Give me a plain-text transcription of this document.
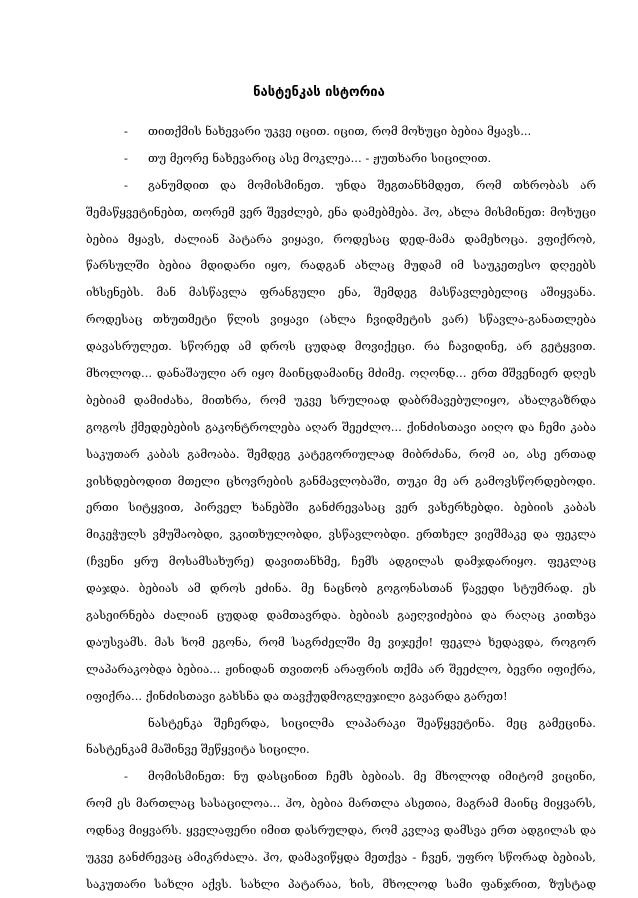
ნასტენკას ისტორია
- თითქმის ნახევარი უკვე იცით. იცით, რომ მოხუცი ბებია მყავს...
- თუ მეორე ნახევარიც ასე მოკლეა... - ჟუთხარი სიცილით.
- განუმდით და მომისმინეთ. უნდა შეგთანხმდეთ, რომ თხრობას არ
შემაწყვეტინებთ, თორემ ვერ შევძლებ, ენა დამებმება. ჰო, ახლა მისმინეთ: მოხუცი
ბებია მყავს, ძალიან პატარა ვიყავი, როდესაც დედ-მამა დამეხოცა. ვფიქრობ,
წარსულში ბებია მდიდარი იყო, რადგან ახლაც მუდამ იმ საუკეთესო დღეებს
იხსენებს. მან მასწავლა ფრანგული ენა, შემდეგ მასწავლებელიც აშიყვანა.
როდესაც თხუთმეტი წლის ვიყავი (ახლა ჩვიდმეტის ვარ) სწავლა-განათლება
დავასრულეთ. სწორედ ამ დროს ცუდად მოვიქეცი. რა ჩავიდინე, არ გეტყვით.
მხოლოდ... დანაშაული არ იყო მაინცდამაინც მძიმე. ოღონდ... ერთ მშვენიერ დღეს
ბებიამ დამიძახა, მითხრა, რომ უკვე სრულიად დაბრმავებულიყო, ახალგაზრდა
გოგოს ქმედებების გაკონტროლება აღარ შეეძლო... ქინძისთავი აიღო და ჩემი კაბა
საკუთარ კაბას გამოაბა. შემდეგ კატეგორიულად მიბრძანა, რომ აი, ასე ერთად
ვისხდებოდით მთელი ცხოვრების განმავლობაში, თუკი მე არ გამოვსწორდებოდი.
ერთი სიტყვით, პირველ ხანებში განძრევასაც ვერ ვახერხებდი. ბებიის კაბას
მიკეჭულს ვმუშაობდი, ვკითხულობდი, ვსწავლობდი. ერთხელ ვიეშმაკე და ფეკლა
(ჩვენი ყრუ მოსამსახურე) დავითანხმე, ჩემს ადგილას დამჯდარიყო. ფეკლაც
დაჯდა. ბებიას ამ დროს ეძინა. მე ნაცნობ გოგონასთან წავედი სტუმრად. ეს
გასეირნება ძალიან ცუდად დამთავრდა. ბებიას გაეღვიძებია და რაღაც კითხვა
დაუსვამს. მას ხომ ეგონა, რომ საგრძელში მე ვიჯექი! ფეკლა ხედავდა, როგორ
ლაპარაკობდა ბებია... ჟინიდან თვითონ არაფრის თქმა არ შეეძლო, ბევრი იფიქრა,
იფიქრა... ქინძისთავი გახსნა და თავქუდმოგლეჯილი გავარდა გარეთ!
ნასტენკა შეჩერდა, სიცილმა ლაპარაკი შეაწყვეტინა. მეც გამეცინა.
ნასტენკამ მაშინვე შეწყვიტა სიცილი.
- მომისმინეთ: ნუ დასცინით ჩემს ბებიას. მე მხოლოდ იმიტომ ვიცინი,
რომ ეს მართლაც სასაცილოა... ჰო, ბებია მართლა ასეთია, მაგრამ მაინც მიყვარს,
ოდნავ მიყვარს. ყველაფერი იმით დასრულდა, რომ კვლავ დამსვა ერთ ადგილას და
უკვე განძრევაც ამიკრძალა. ჰო, დამავიწყდა მეთქვა - ჩვენ, უფრო სწორად ბებიას,
საკუთარი სახლი აქვს. სახლი პატარაა, ხის, მხოლოდ სამი ფანჯრით, ზუსტად
